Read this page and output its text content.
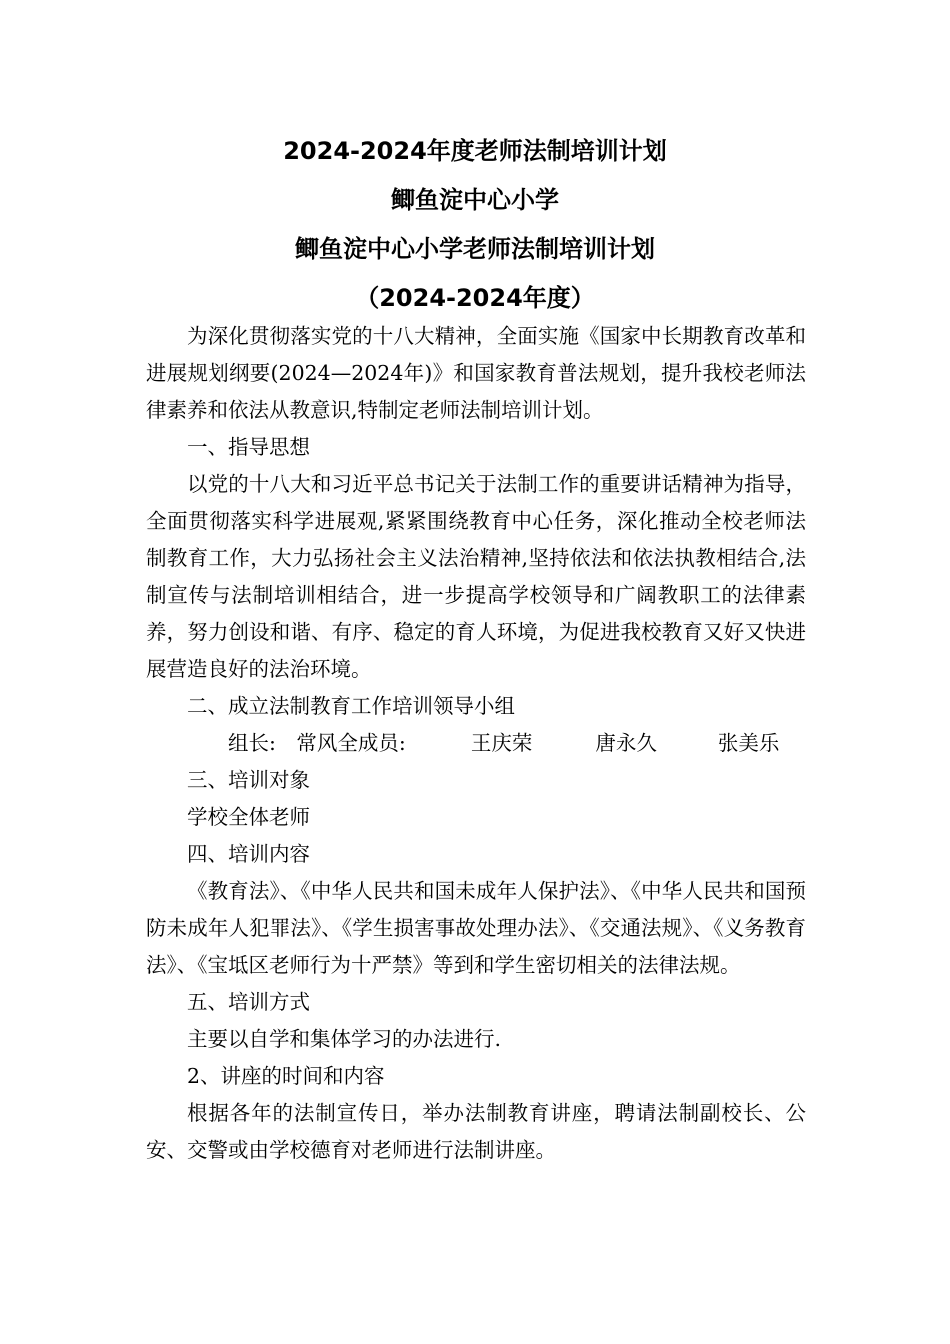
2024-2024年度老师法制培训计划
鲫鱼淀中心小学
鲫鱼淀中心小学老师法制培训计划
（2024-2024年度）

为深化贯彻落实党的十八大精神，全面实施《国家中长期教育改革和进展规划纲要(2024—2024年)》和国家教育普法规划，提升我校老师法律素养和依法从教意识,特制定老师法制培训计划。

一、指导思想

以党的十八大和习近平总书记关于法制工作的重要讲话精神为指导，全面贯彻落实科学进展观,紧紧围绕教育中心任务，深化推动全校老师法制教育工作，大力弘扬社会主义法治精神,坚持依法和依法执教相结合,法制宣传与法制培训相结合，进一步提高学校领导和广阔教职工的法律素养，努力创设和谐、有序、稳定的育人环境，为促进我校教育又好又快进展营造良好的法治环境。

二、成立法制教育工作培训领导小组

组长:　常风全成员:	王庆荣	唐永久	张美乐

三、培训对象

学校全体老师

四、培训内容

《教育法》、《中华人民共和国未成年人保护法》、《中华人民共和国预防未成年人犯罪法》、《学生损害事故处理办法》、《交通法规》、《义务教育法》、《宝坻区老师行为十严禁》等到和学生密切相关的法律法规。

五、培训方式

主要以自学和集体学习的办法进行.

2、讲座的时间和内容

根据各年的法制宣传日，举办法制教育讲座，聘请法制副校长、公安、交警或由学校德育对老师进行法制讲座。
